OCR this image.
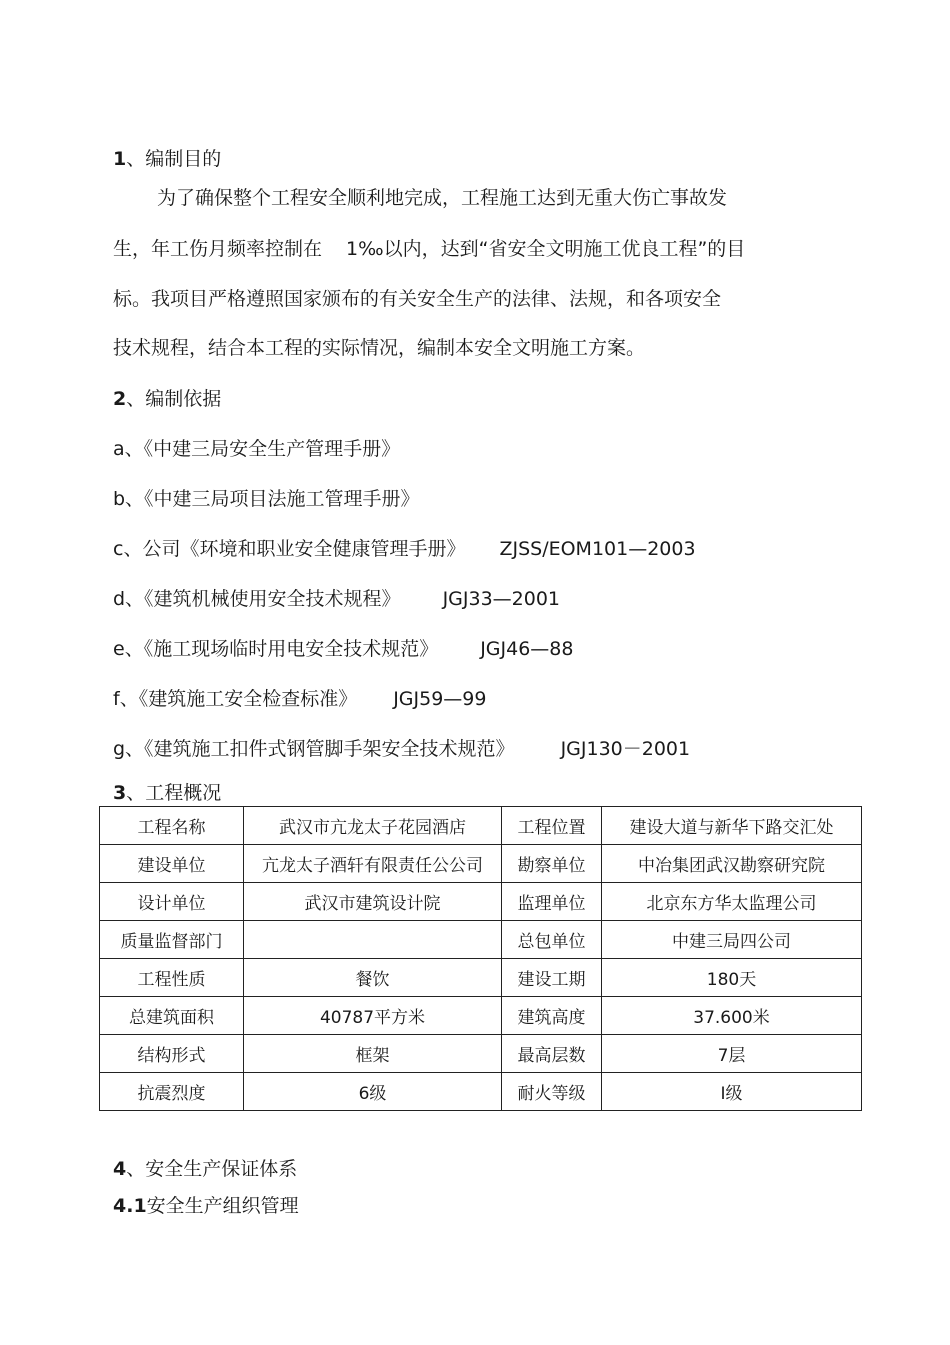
1、编制目的
为了确保整个工程安全顺利地完成，工程施工达到无重大伤亡事故发
生，年工伤月频率控制在 1‰以内，达到“省安全文明施工优良工程”的目
标。我项目严格遵照国家颁布的有关安全生产的法律、法规，和各项安全
技术规程，结合本工程的实际情况，编制本安全文明施工方案。
2、编制依据
a、《中建三局安全生产管理手册》
b、《中建三局项目法施工管理手册》
c、公司《环境和职业安全健康管理手册》 ZJSS/EOM101—2003
d、《建筑机械使用安全技术规程》 JGJ33—2001
e、《施工现场临时用电安全技术规范》 JGJ46—88
f、《建筑施工安全检查标准》 JGJ59—99
g、《建筑施工扣件式钢管脚手架安全技术规范》 JGJ130－2001
3、工程概况
工程名称	武汉市亢龙太子花园酒店	工程位置	建设大道与新华下路交汇处
建设单位	亢龙太子酒轩有限责任公公司	勘察单位	中冶集团武汉勘察研究院
设计单位	武汉市建筑设计院	监理单位	北京东方华太监理公司
质量监督部门		总包单位	中建三局四公司
工程性质	餐饮	建设工期	180天
总建筑面积	40787平方米	建筑高度	37.600米
结构形式	框架	最高层数	7层
抗震烈度	6级	耐火等级	Ⅰ级
4、安全生产保证体系
4.1安全生产组织管理
